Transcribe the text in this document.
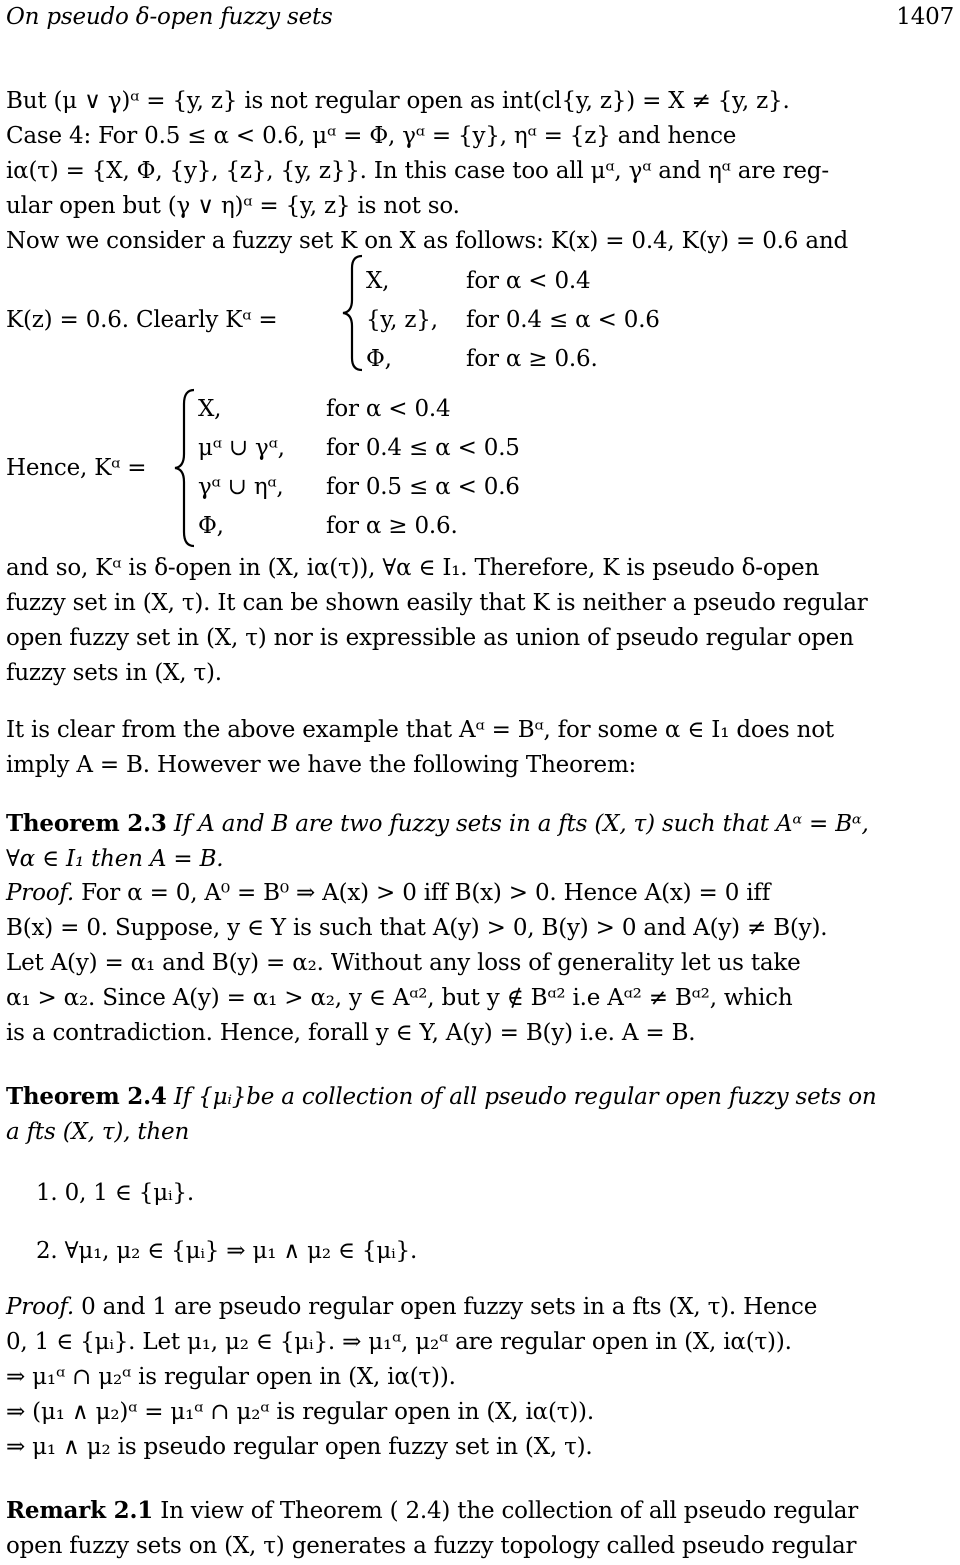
On pseudo δ-open fuzzy sets	1407
But (μ ∨ γ)ᵅ = {y, z} is not regular open as int(cl{y, z}) = X ≠ {y, z}.
Case 4: For 0.5 ≤ α < 0.6, μᵅ = Φ, γᵅ = {y}, ηᵅ = {z} and hence
iα(τ) = {X, Φ, {y}, {z}, {y, z}}. In this case too all μᵅ, γᵅ and ηᵅ are reg-
ular open but (γ ∨ η)ᵅ = {y, z} is not so.
Now we consider a fuzzy set K on X as follows: K(x) = 0.4, K(y) = 0.6 and
K(z) = 0.6. Clearly Kᵅ =
X,	for α < 0.4
{y, z}, for 0.4 ≤ α < 0.6
Φ,	for α ≥ 0.6.
Hence, Kᵅ =
X,	for α < 0.4
μᵅ ∪ γᵅ, for 0.4 ≤ α < 0.5
γᵅ ∪ ηᵅ, for 0.5 ≤ α < 0.6
Φ,	for α ≥ 0.6.
and so, Kᵅ is δ-open in (X, iα(τ)), ∀α ∈ I₁. Therefore, K is pseudo δ-open
fuzzy set in (X, τ). It can be shown easily that K is neither a pseudo regular
open fuzzy set in (X, τ) nor is expressible as union of pseudo regular open
fuzzy sets in (X, τ).
It is clear from the above example that Aᵅ = Bᵅ, for some α ∈ I₁ does not
imply A = B. However we have the following Theorem:
Theorem 2.3 If A and B are two fuzzy sets in a fts (X, τ) such that Aᵅ = Bᵅ,
∀α ∈ I₁ then A = B.
Proof. For α = 0, A⁰ = B⁰ ⇒ A(x) > 0 iff B(x) > 0. Hence A(x) = 0 iff
B(x) = 0. Suppose, y ∈ Y is such that A(y) > 0, B(y) > 0 and A(y) ≠ B(y).
Let A(y) = α₁ and B(y) = α₂. Without any loss of generality let us take
α₁ > α₂. Since A(y) = α₁ > α₂, y ∈ Aᵅ², but y ∉ Bᵅ² i.e Aᵅ² ≠ Bᵅ², which
is a contradiction. Hence, forall y ∈ Y, A(y) = B(y) i.e. A = B.
Theorem 2.4 If {μᵢ}be a collection of all pseudo regular open fuzzy sets on
a fts (X, τ), then
1. 0, 1 ∈ {μᵢ}.
2. ∀μ₁, μ₂ ∈ {μᵢ} ⇒ μ₁ ∧ μ₂ ∈ {μᵢ}.
Proof. 0 and 1 are pseudo regular open fuzzy sets in a fts (X, τ). Hence
0, 1 ∈ {μᵢ}. Let μ₁, μ₂ ∈ {μᵢ}. ⇒ μ₁ᵅ, μ₂ᵅ are regular open in (X, iα(τ)).
⇒ μ₁ᵅ ∩ μ₂ᵅ is regular open in (X, iα(τ)).
⇒ (μ₁ ∧ μ₂)ᵅ = μ₁ᵅ ∩ μ₂ᵅ is regular open in (X, iα(τ)).
⇒ μ₁ ∧ μ₂ is pseudo regular open fuzzy set in (X, τ).
Remark 2.1 In view of Theorem ( 2.4) the collection of all pseudo regular
open fuzzy sets on (X, τ) generates a fuzzy topology called pseudo regular
